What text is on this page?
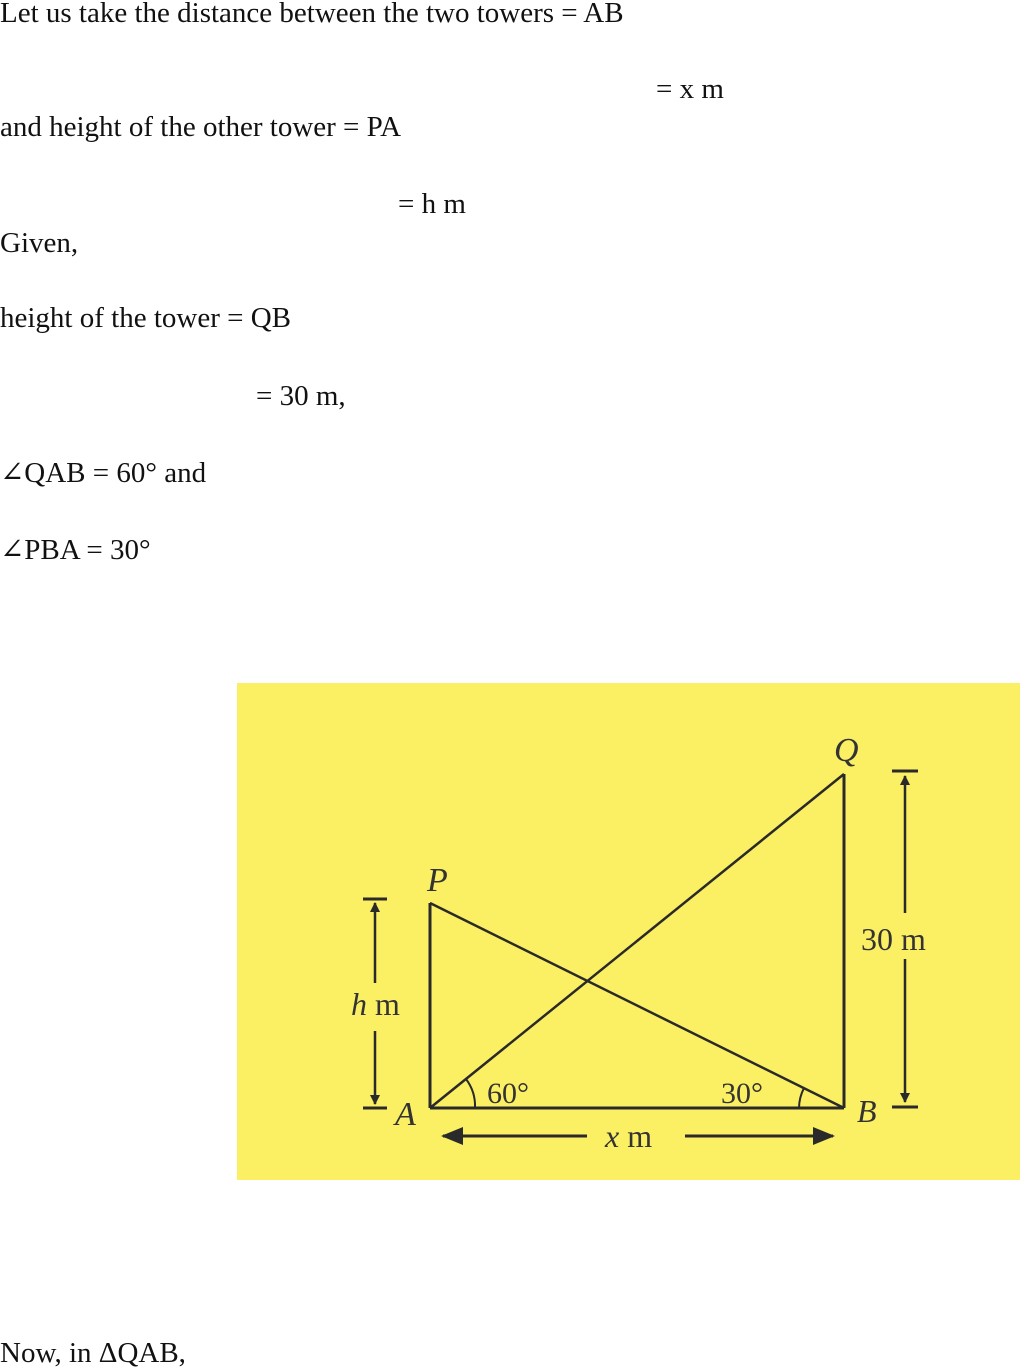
Let us take the distance between the two towers = AB
= x m
and height of the other tower = PA
= h m
Given,
height of the tower = QB
= 30 m,
∠QAB = 60° and
∠PBA = 30°
P
Q
A	B
60°	30°
h m
30 m
x m
Now, in ΔQAB,
